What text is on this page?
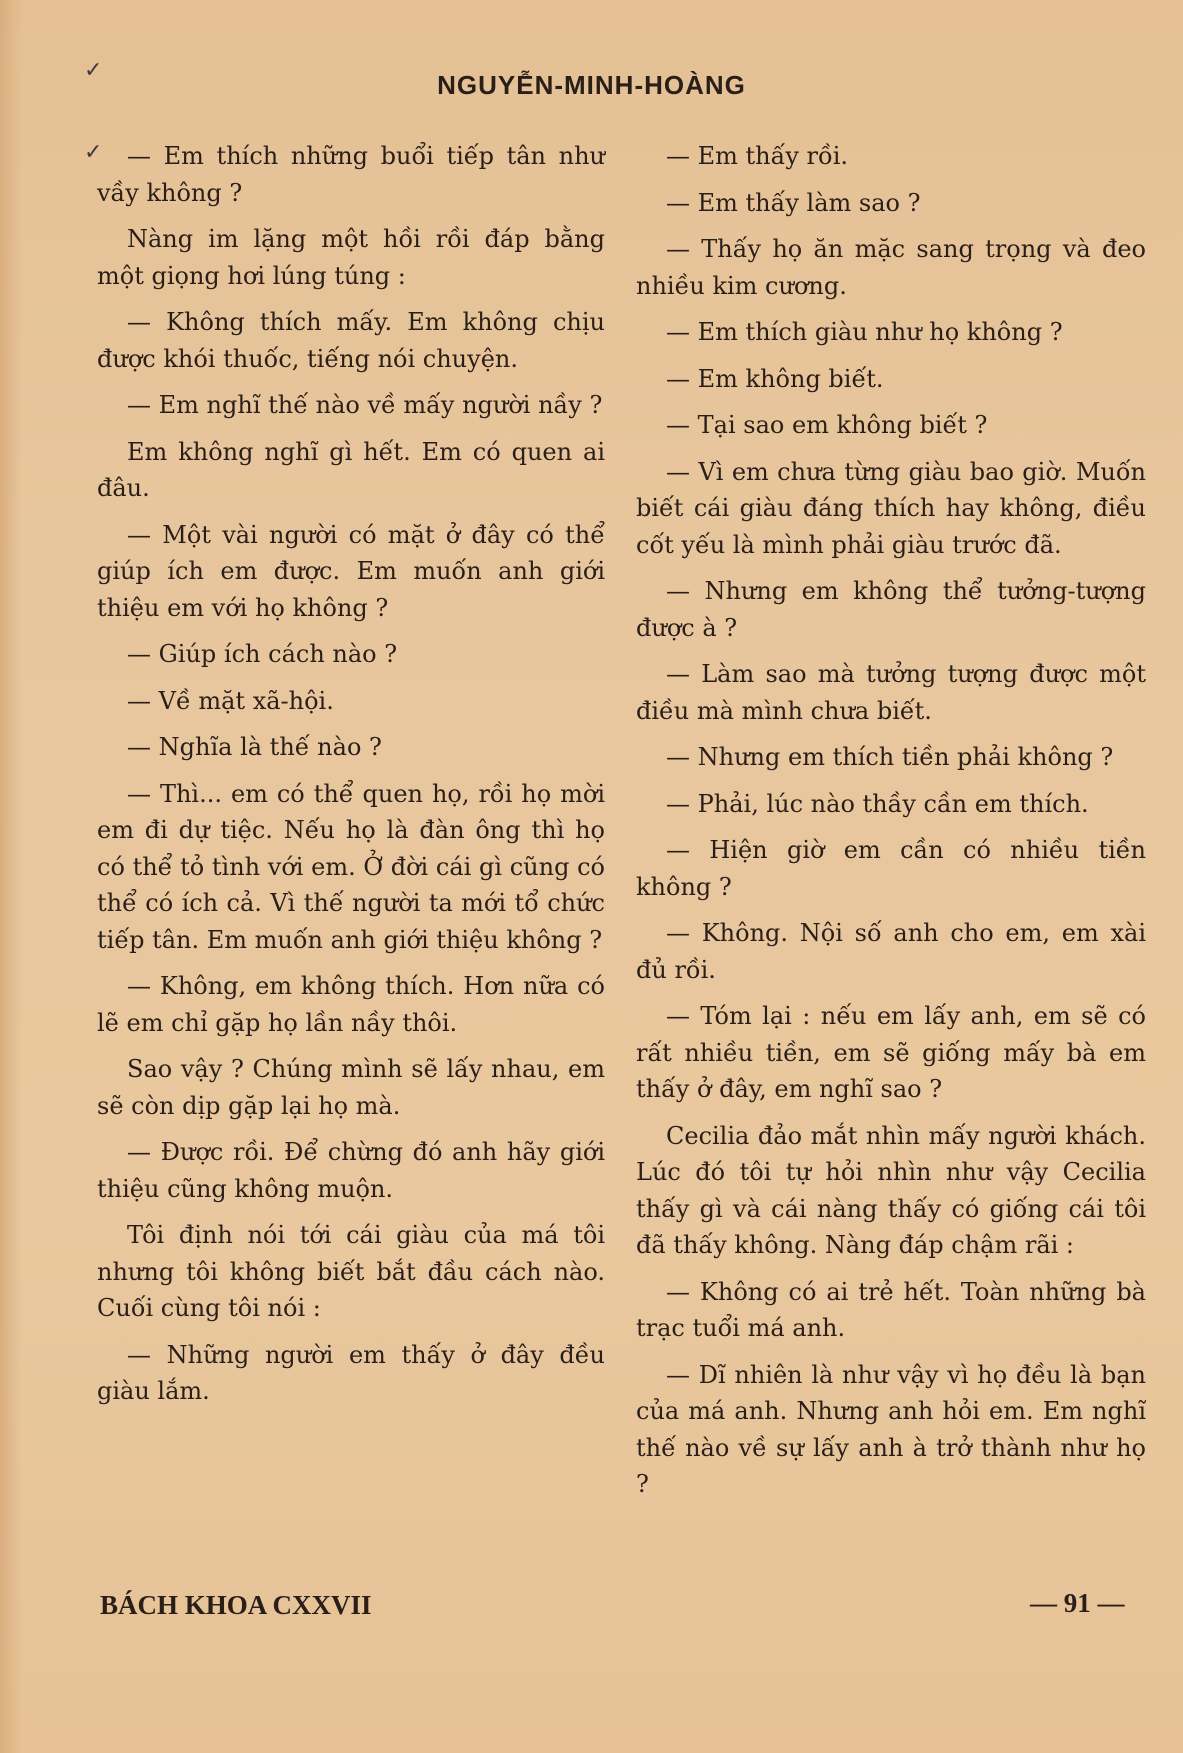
NGUYỄN-MINH-HOÀNG
✓
✓	— Em thích những buổi tiếp tân như vầy không ?

Nàng im lặng một hồi rồi đáp bằng một giọng hơi lúng túng :

— Không thích mấy. Em không chịu được khói thuốc, tiếng nói chuyện.

— Em nghĩ thế nào về mấy người nầy ?

Em không nghĩ gì hết. Em có quen ai đâu.

— Một vài người có mặt ở đây có thể giúp ích em được. Em muốn anh giới thiệu em với họ không ?

— Giúp ích cách nào ?

— Về mặt xã-hội.

— Nghĩa là thế nào ?

— Thì... em có thể quen họ, rồi họ mời em đi dự tiệc. Nếu họ là đàn ông thì họ có thể tỏ tình với em. Ở đời cái gì cũng có thể có ích cả. Vì thế người ta mới tổ chức tiếp tân. Em muốn anh giới thiệu không ?

— Không, em không thích. Hơn nữa có lẽ em chỉ gặp họ lần nầy thôi.

Sao vậy ? Chúng mình sẽ lấy nhau, em sẽ còn dịp gặp lại họ mà.

— Được rồi. Để chừng đó anh hãy giới thiệu cũng không muộn.

Tôi định nói tới cái giàu của má tôi nhưng tôi không biết bắt đầu cách nào. Cuối cùng tôi nói :

— Những người em thấy ở đây đều giàu lắm.

— Em thấy rồi.

— Em thấy làm sao ?

— Thấy họ ăn mặc sang trọng và đeo nhiều kim cương.

— Em thích giàu như họ không ?

— Em không biết.

— Tại sao em không biết ?

— Vì em chưa từng giàu bao giờ. Muốn biết cái giàu đáng thích hay không, điều cốt yếu là mình phải giàu trước đã.

— Nhưng em không thể tưởng-tượng được à ?

— Làm sao mà tưởng tượng được một điều mà mình chưa biết.

— Nhưng em thích tiền phải không ?

— Phải, lúc nào thầy cần em thích.

— Hiện giờ em cần có nhiều tiền không ?

— Không. Nội số anh cho em, em xài đủ rồi.

— Tóm lại : nếu em lấy anh, em sẽ có rất nhiều tiền, em sẽ giống mấy bà em thấy ở đây, em nghĩ sao ?

Cecilia đảo mắt nhìn mấy người khách. Lúc đó tôi tự hỏi nhìn như vậy Cecilia thấy gì và cái nàng thấy có giống cái tôi đã thấy không. Nàng đáp chậm rãi :

— Không có ai trẻ hết. Toàn những bà trạc tuổi má anh.

— Dĩ nhiên là như vậy vì họ đều là bạn của má anh. Nhưng anh hỏi em. Em nghĩ thế nào về sự lấy anh à trở thành như họ ?

BÁCH KHOA CXXVII	— 91 —
